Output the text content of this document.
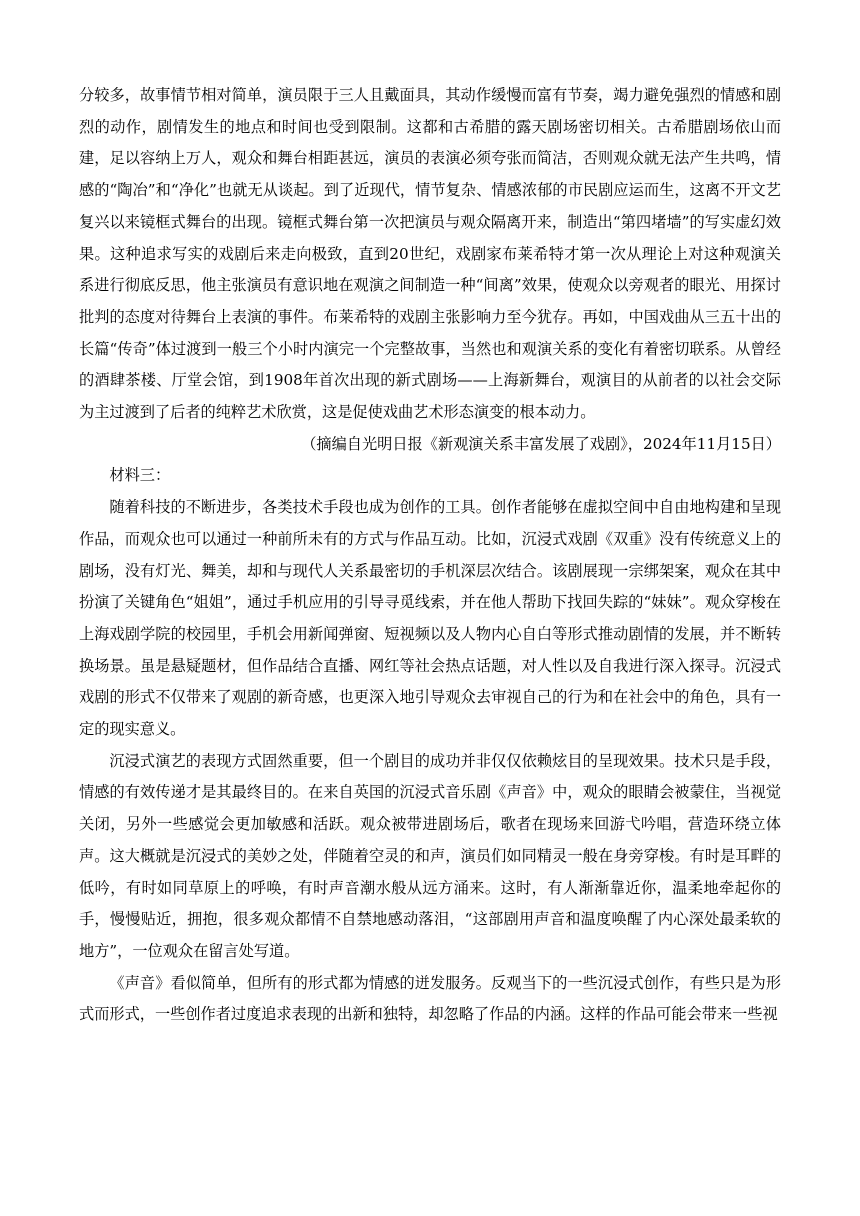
分较多，故事情节相对简单，演员限于三人且戴面具，其动作缓慢而富有节奏，竭力避免强烈的情感和剧烈的动作，剧情发生的地点和时间也受到限制。这都和古希腊的露天剧场密切相关。古希腊剧场依山而建，足以容纳上万人，观众和舞台相距甚远，演员的表演必须夸张而简洁，否则观众就无法产生共鸣，情感的“陶冶”和“净化”也就无从谈起。到了近现代，情节复杂、情感浓郁的市民剧应运而生，这离不开文艺复兴以来镜框式舞台的出现。镜框式舞台第一次把演员与观众隔离开来，制造出“第四堵墙”的写实虚幻效果。这种追求写实的戏剧后来走向极致，直到20世纪，戏剧家布莱希特才第一次从理论上对这种观演关系进行彻底反思，他主张演员有意识地在观演之间制造一种“间离”效果，使观众以旁观者的眼光、用探讨批判的态度对待舞台上表演的事件。布莱希特的戏剧主张影响力至今犹存。再如，中国戏曲从三五十出的长篇“传奇”体过渡到一般三个小时内演完一个完整故事，当然也和观演关系的变化有着密切联系。从曾经的酒肆茶楼、厅堂会馆，到1908年首次出现的新式剧场——上海新舞台，观演目的从前者的以社会交际为主过渡到了后者的纯粹艺术欣赏，这是促使戏曲艺术形态演变的根本动力。

（摘编自光明日报《新观演关系丰富发展了戏剧》，2024年11月15日）

材料三：

随着科技的不断进步，各类技术手段也成为创作的工具。创作者能够在虚拟空间中自由地构建和呈现作品，而观众也可以通过一种前所未有的方式与作品互动。比如，沉浸式戏剧《双重》没有传统意义上的剧场，没有灯光、舞美，却和与现代人关系最密切的手机深层次结合。该剧展现一宗绑架案，观众在其中扮演了关键角色“姐姐”，通过手机应用的引导寻觅线索，并在他人帮助下找回失踪的“妹妹”。观众穿梭在上海戏剧学院的校园里，手机会用新闻弹窗、短视频以及人物内心自白等形式推动剧情的发展，并不断转换场景。虽是悬疑题材，但作品结合直播、网红等社会热点话题，对人性以及自我进行深入探寻。沉浸式戏剧的形式不仅带来了观剧的新奇感，也更深入地引导观众去审视自己的行为和在社会中的角色，具有一定的现实意义。

沉浸式演艺的表现方式固然重要，但一个剧目的成功并非仅仅依赖炫目的呈现效果。技术只是手段，情感的有效传递才是其最终目的。在来自英国的沉浸式音乐剧《声音》中，观众的眼睛会被蒙住，当视觉关闭，另外一些感觉会更加敏感和活跃。观众被带进剧场后，歌者在现场来回游弋吟唱，营造环绕立体声。这大概就是沉浸式的美妙之处，伴随着空灵的和声，演员们如同精灵一般在身旁穿梭。有时是耳畔的低吟，有时如同草原上的呼唤，有时声音潮水般从远方涌来。这时，有人渐渐靠近你，温柔地牵起你的手，慢慢贴近，拥抱，很多观众都情不自禁地感动落泪，“这部剧用声音和温度唤醒了内心深处最柔软的地方”，一位观众在留言处写道。

《声音》看似简单，但所有的形式都为情感的迸发服务。反观当下的一些沉浸式创作，有些只是为形式而形式，一些创作者过度追求表现的出新和独特，却忽略了作品的内涵。这样的作品可能会带来一些视
